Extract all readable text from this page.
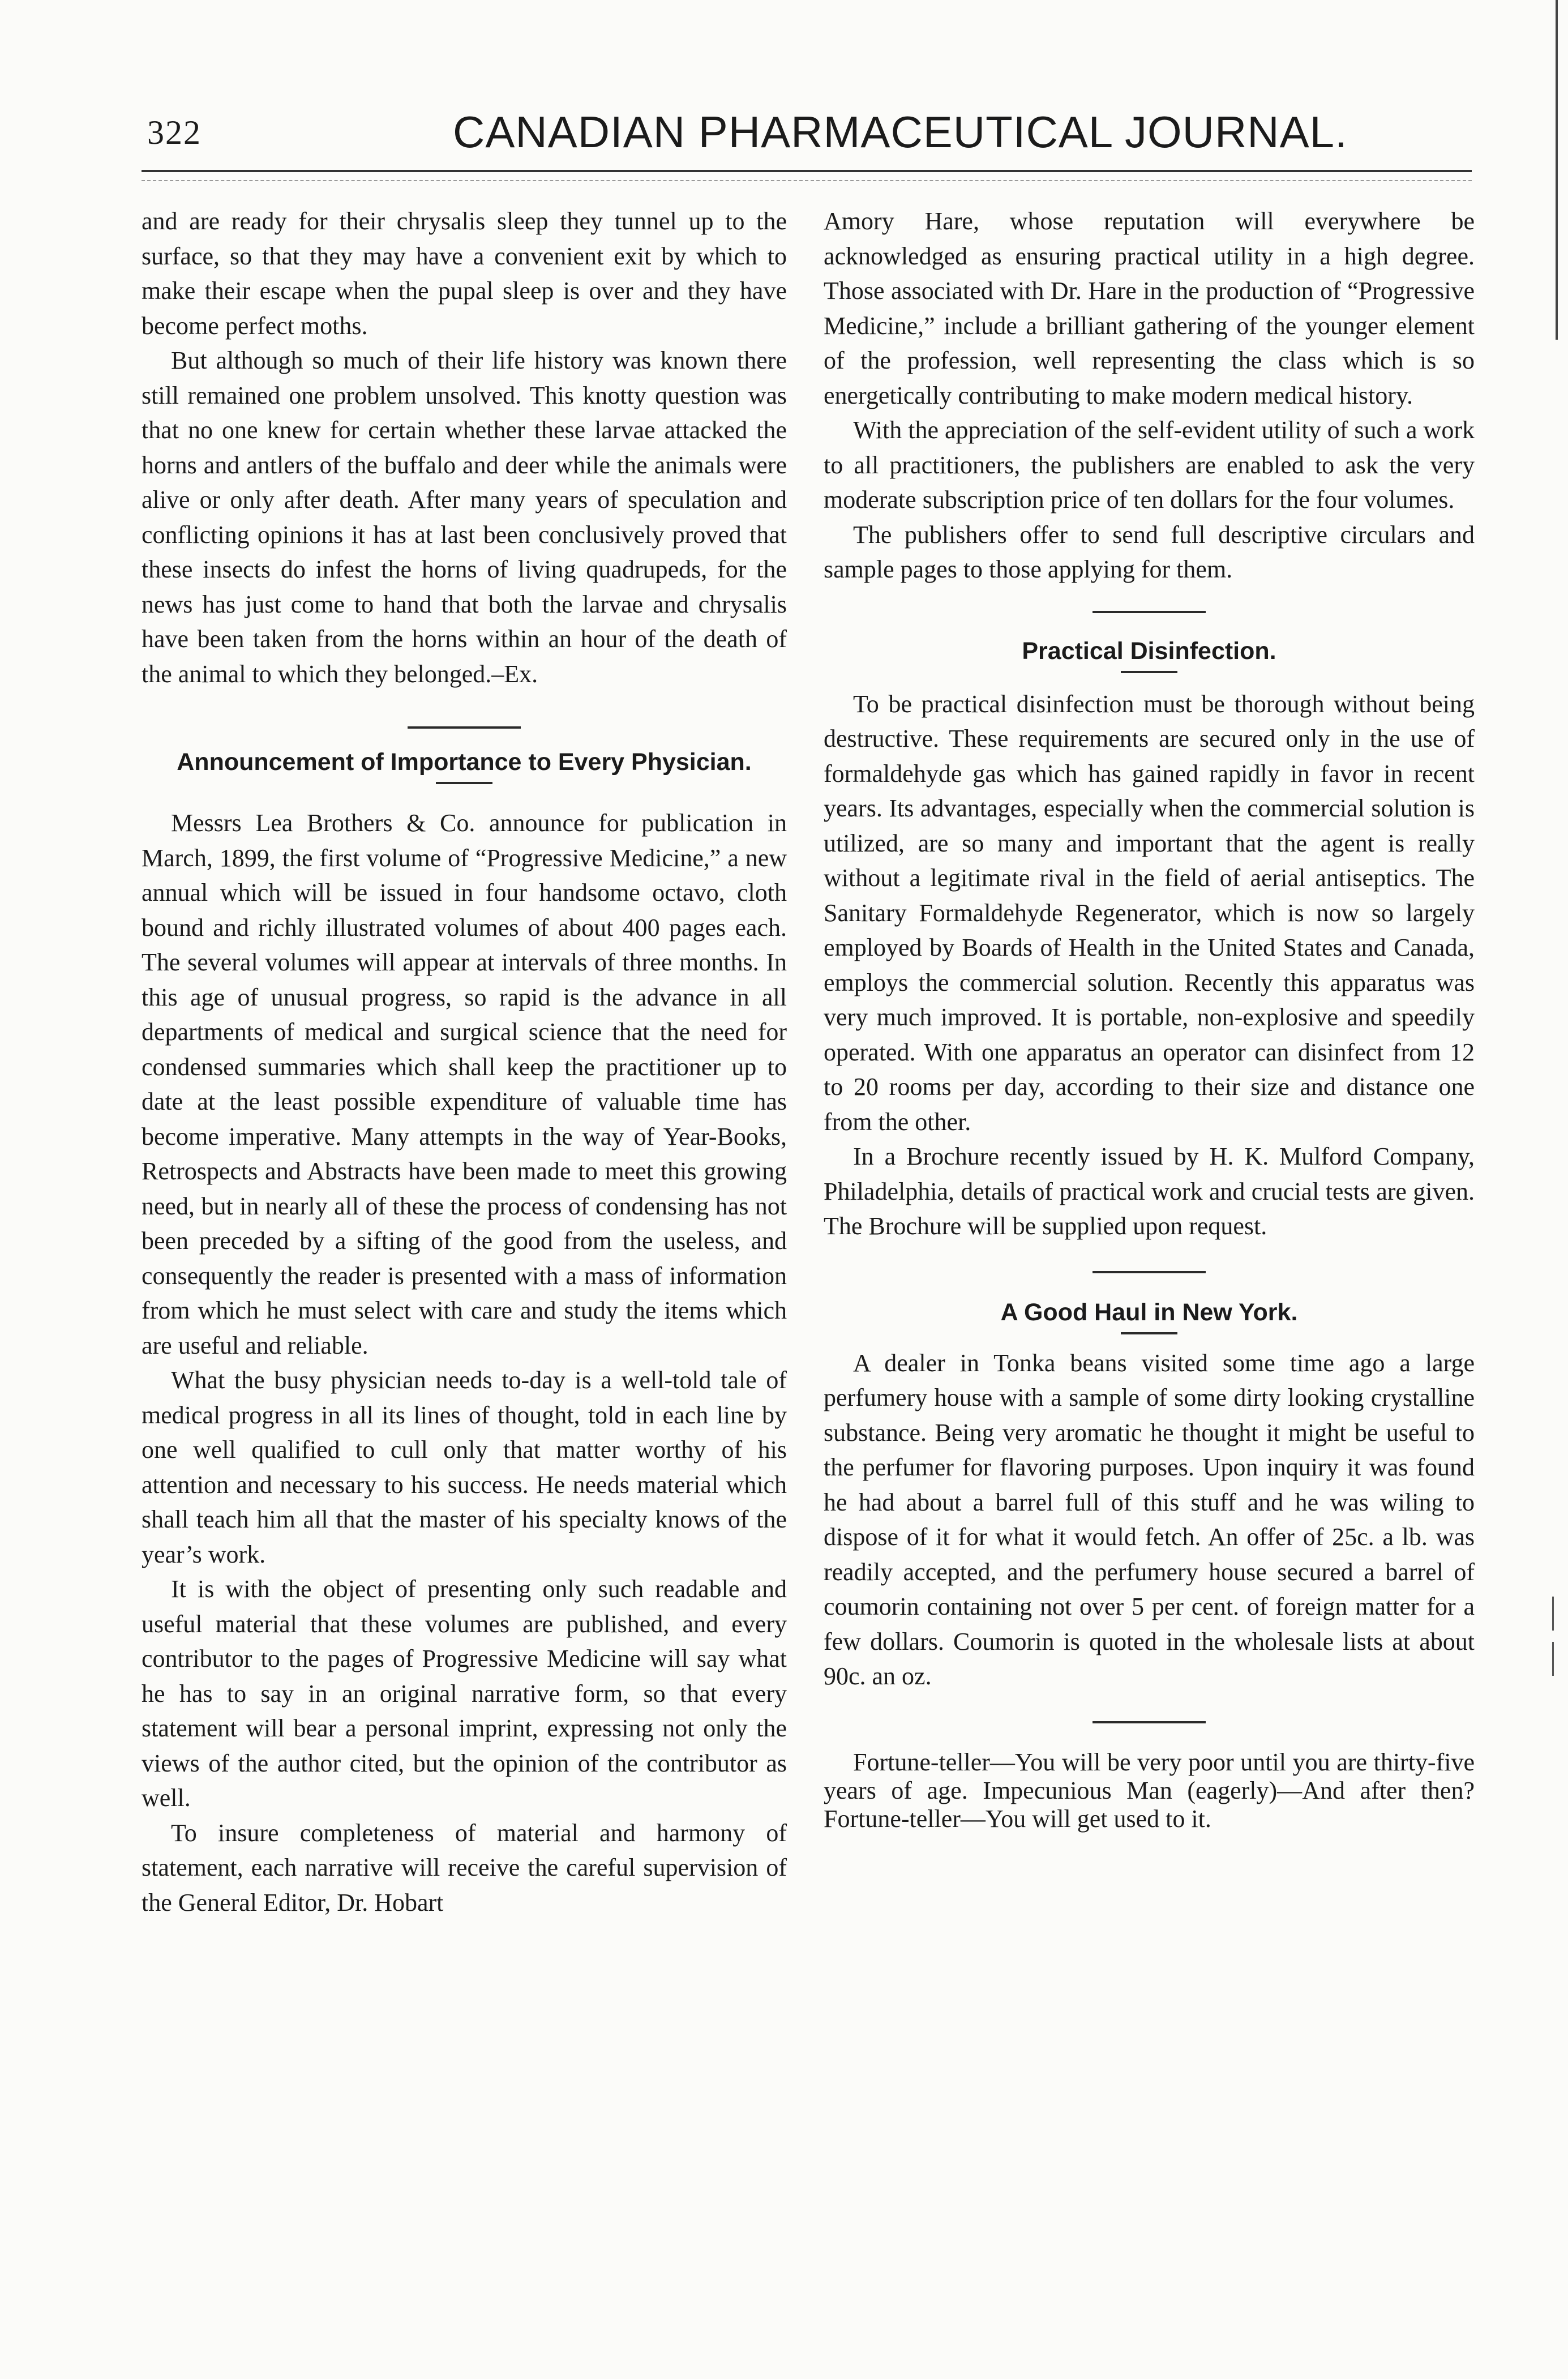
322	CANADIAN PHARMACEUTICAL JOURNAL.

and are ready for their chrysalis sleep they tunnel up to the surface, so that they may have a convenient exit by which to make their escape when the pupal sleep is over and they have become perfect moths.

But although so much of their life history was known there still remained one problem unsolved. This knotty question was that no one knew for certain whether these larvae attacked the horns and antlers of the buffalo and deer while the animals were alive or only after death. After many years of speculation and conflicting opinions it has at last been conclusively proved that these insects do infest the horns of living quadrupeds, for the news has just come to hand that both the larvae and chrysalis have been taken from the horns within an hour of the death of the animal to which they belonged.–Ex.

Announcement of Importance to Every Physician.

Messrs Lea Brothers & Co. announce for publication in March, 1899, the first volume of “Progressive Medicine,” a new annual which will be issued in four handsome octavo, cloth bound and richly illustrated volumes of about 400 pages each. The several volumes will appear at intervals of three months. In this age of unusual progress, so rapid is the advance in all departments of medical and surgical science that the need for condensed summaries which shall keep the practitioner up to date at the least possible expenditure of valuable time has become imperative. Many attempts in the way of Year-Books, Retrospects and Abstracts have been made to meet this growing need, but in nearly all of these the process of condensing has not been preceded by a sifting of the good from the useless, and consequently the reader is presented with a mass of information from which he must select with care and study the items which are useful and reliable.

What the busy physician needs to-day is a well-told tale of medical progress in all its lines of thought, told in each line by one well qualified to cull only that matter worthy of his attention and necessary to his success. He needs material which shall teach him all that the master of his specialty knows of the year’s work.

It is with the object of presenting only such readable and useful material that these volumes are published, and every contributor to the pages of Progressive Medicine will say what he has to say in an original narrative form, so that every statement will bear a personal imprint, expressing not only the views of the author cited, but the opinion of the contributor as well.

To insure completeness of material and harmony of statement, each narrative will receive the careful supervision of the General Editor, Dr. Hobart

Amory Hare, whose reputation will everywhere be acknowledged as ensuring practical utility in a high degree. Those associated with Dr. Hare in the production of “Progressive Medicine,” include a brilliant gathering of the younger element of the profession, well representing the class which is so energetically contributing to make modern medical history.

With the appreciation of the self-evident utility of such a work to all practitioners, the publishers are enabled to ask the very moderate subscription price of ten dollars for the four volumes.

The publishers offer to send full descriptive circulars and sample pages to those applying for them.

Practical Disinfection.

To be practical disinfection must be thorough without being destructive. These requirements are secured only in the use of formaldehyde gas which has gained rapidly in favor in recent years. Its advantages, especially when the commercial solution is utilized, are so many and important that the agent is really without a legitimate rival in the field of aerial antiseptics. The Sanitary Formaldehyde Regenerator, which is now so largely employed by Boards of Health in the United States and Canada, employs the commercial solution. Recently this apparatus was very much improved. It is portable, non-explosive and speedily operated. With one apparatus an operator can disinfect from 12 to 20 rooms per day, according to their size and distance one from the other.

In a Brochure recently issued by H. K. Mulford Company, Philadelphia, details of practical work and crucial tests are given. The Brochure will be supplied upon request.

A Good Haul in New York.

A dealer in Tonka beans visited some time ago a large perfumery house with a sample of some dirty looking crystalline substance. Being very aromatic he thought it might be useful to the perfumer for flavoring purposes. Upon inquiry it was found he had about a barrel full of this stuff and he was wiling to dispose of it for what it would fetch. An offer of 25c. a lb. was readily accepted, and the perfumery house secured a barrel of coumorin containing not over 5 per cent. of foreign matter for a few dollars. Coumorin is quoted in the wholesale lists at about 90c. an oz.

Fortune-teller—You will be very poor until you are thirty-five years of age. Impecunious Man (eagerly)—And after then? Fortune-teller—You will get used to it.
